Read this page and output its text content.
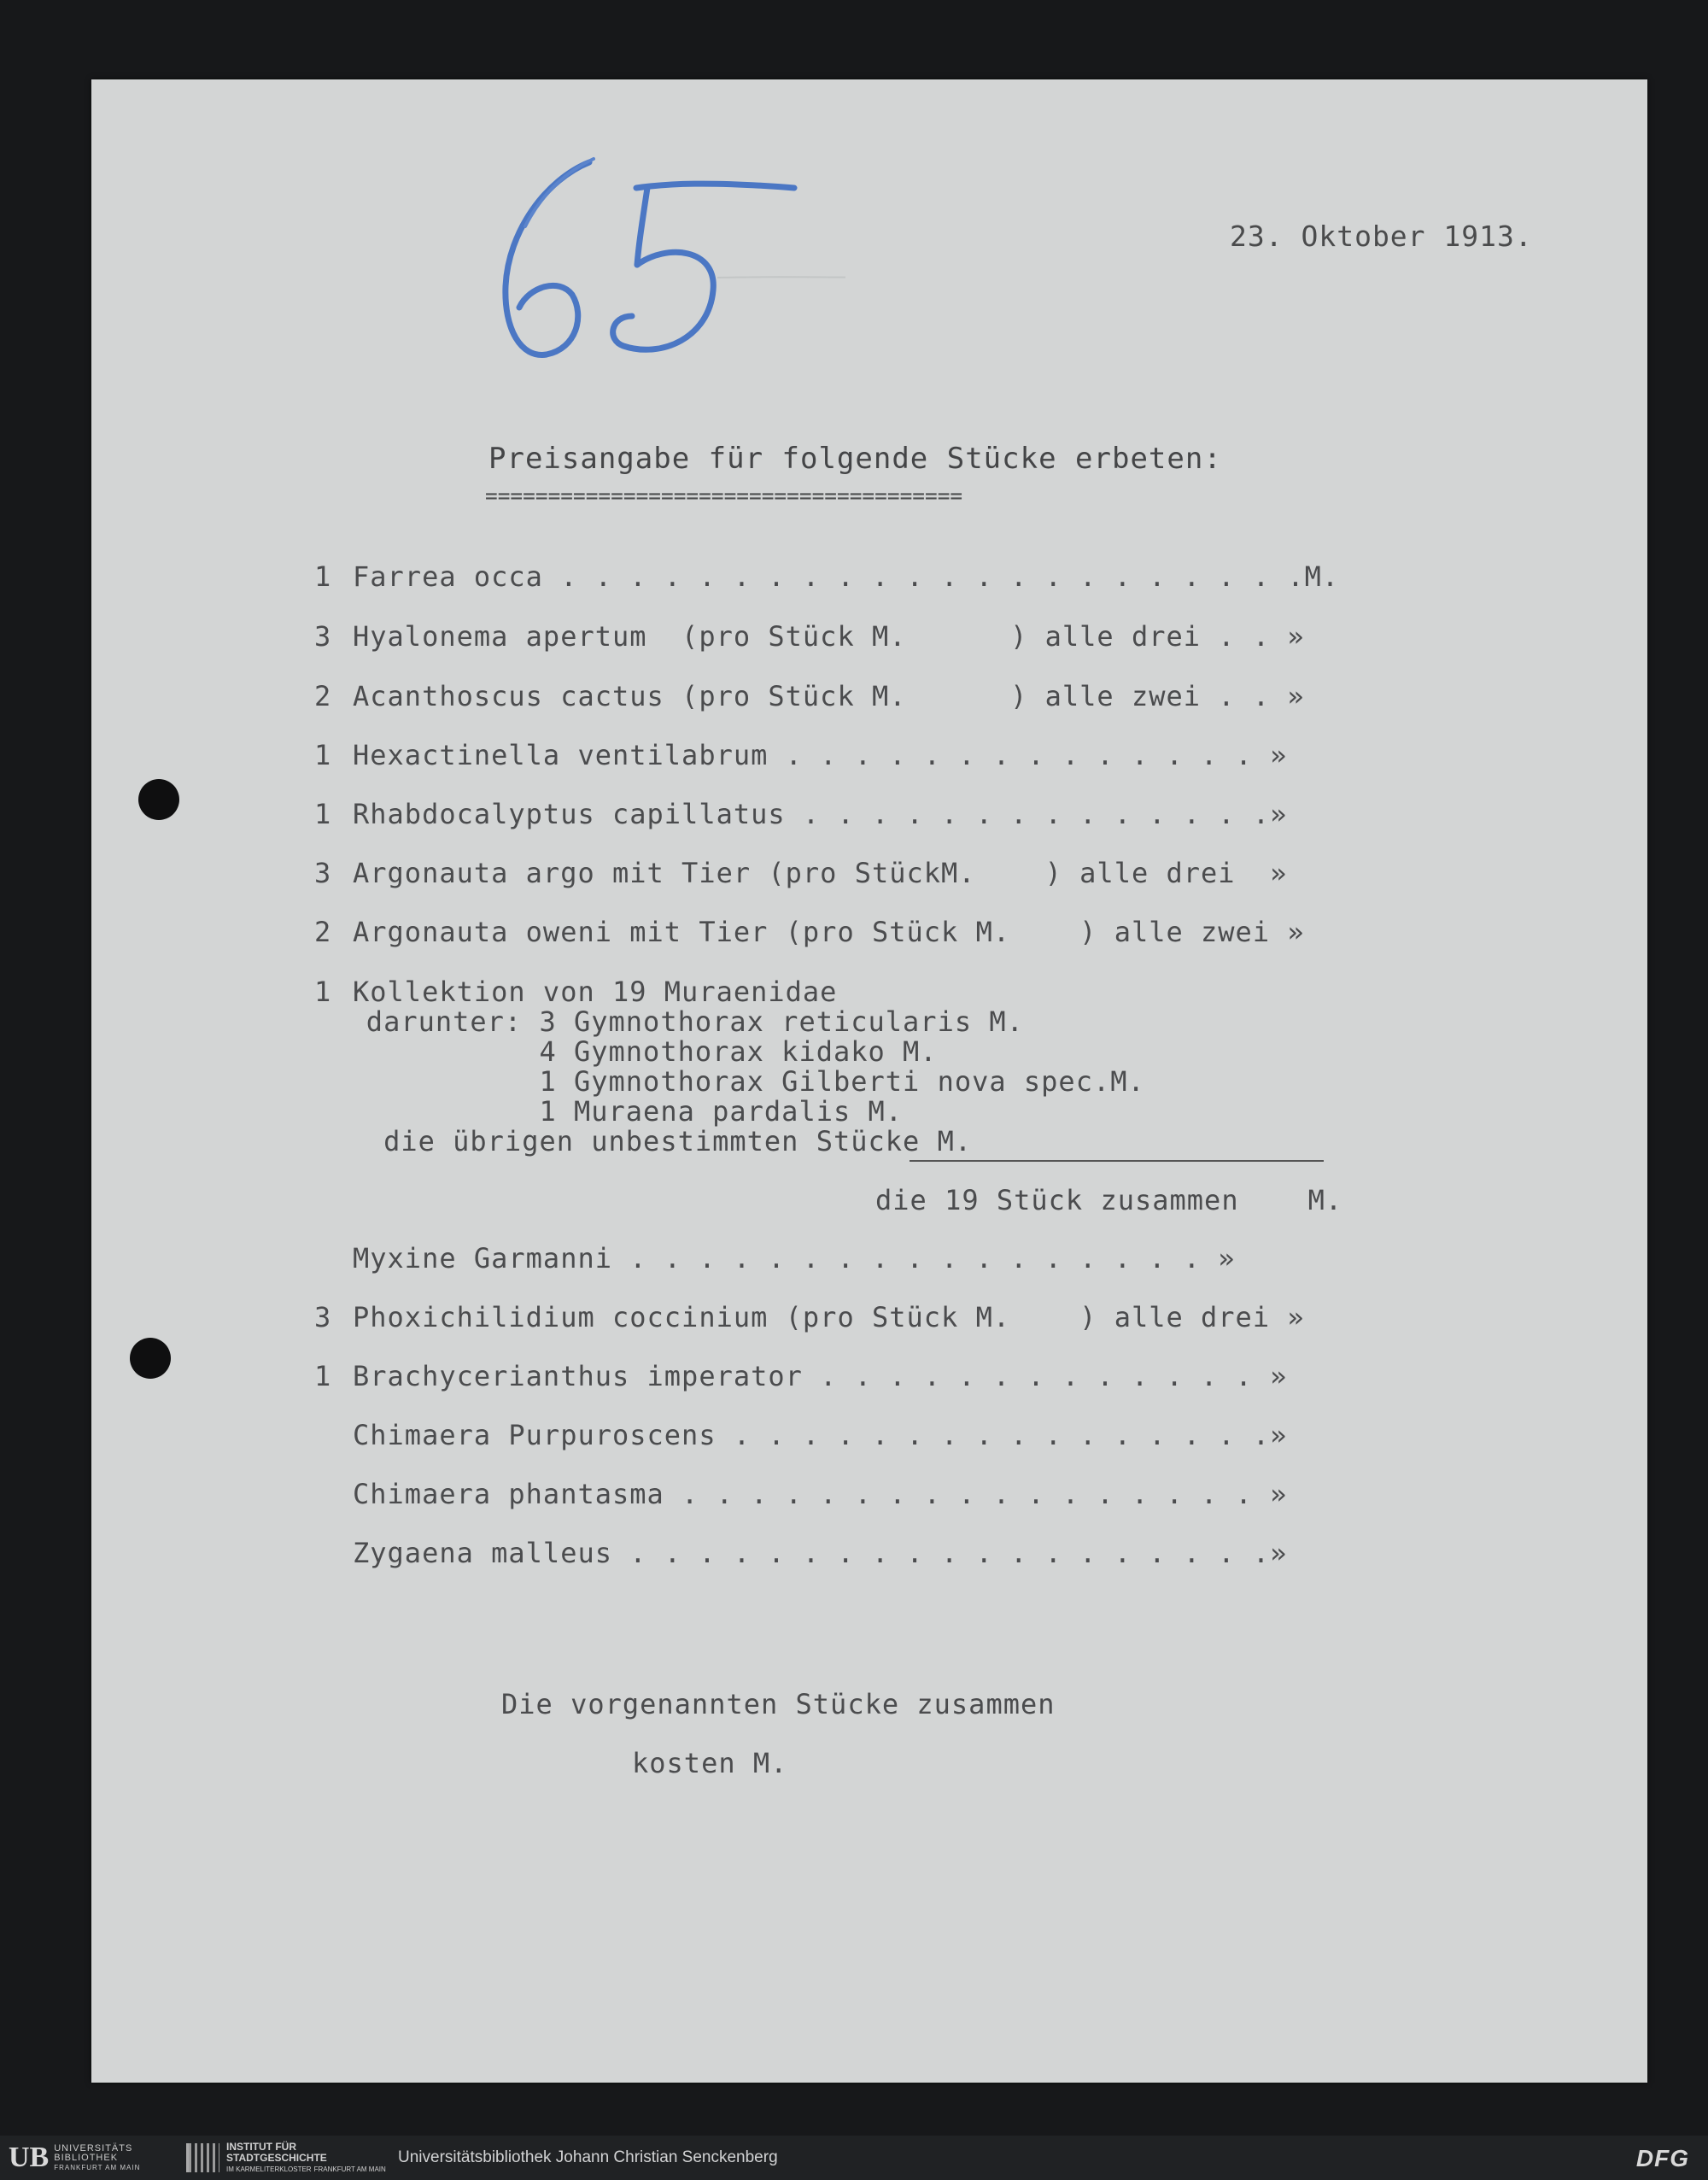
23. Oktober 1913.
Preisangabe für folgende Stücke erbeten:
======================================
1 Farrea occa . . . . . . . . . . . . . . . . . . . . . .M.
3 Hyalonema apertum  (pro Stück M.      ) alle drei . . »
2 Acanthoscus cactus (pro Stück M.      ) alle zwei . . »
1 Hexactinella ventilabrum . . . . . . . . . . . . . . »
1 Rhabdocalyptus capillatus . . . . . . . . . . . . . .»
3 Argonauta argo mit Tier (pro StückM.    ) alle drei  »
2 Argonauta oweni mit Tier (pro Stück M.    ) alle zwei »
1 Kollektion von 19 Muraenidae
darunter: 3 Gymnothorax reticularis M.
4 Gymnothorax kidako M.
1 Gymnothorax Gilberti nova spec.M.
1 Muraena pardalis M.
die übrigen unbestimmten Stücke M.
die 19 Stück zusammen    M.
Myxine Garmanni . . . . . . . . . . . . . . . . . »
3 Phoxichilidium coccinium (pro Stück M.    ) alle drei »
1 Brachycerianthus imperator . . . . . . . . . . . . . »
Chimaera Purpuroscens . . . . . . . . . . . . . . . .»
Chimaera phantasma . . . . . . . . . . . . . . . . . »
Zygaena malleus . . . . . . . . . . . . . . . . . . .»
Die vorgenannten Stücke zusammen
kosten M.
UB UNIVERSITÄTS
BIBLIOTHEK
FRANKFURT AM MAIN
INSTITUT FÜR
STADTGESCHICHTE
IM KARMELITERKLOSTER FRANKFURT AM MAIN
Universitätsbibliothek Johann Christian Senckenberg	DFG
